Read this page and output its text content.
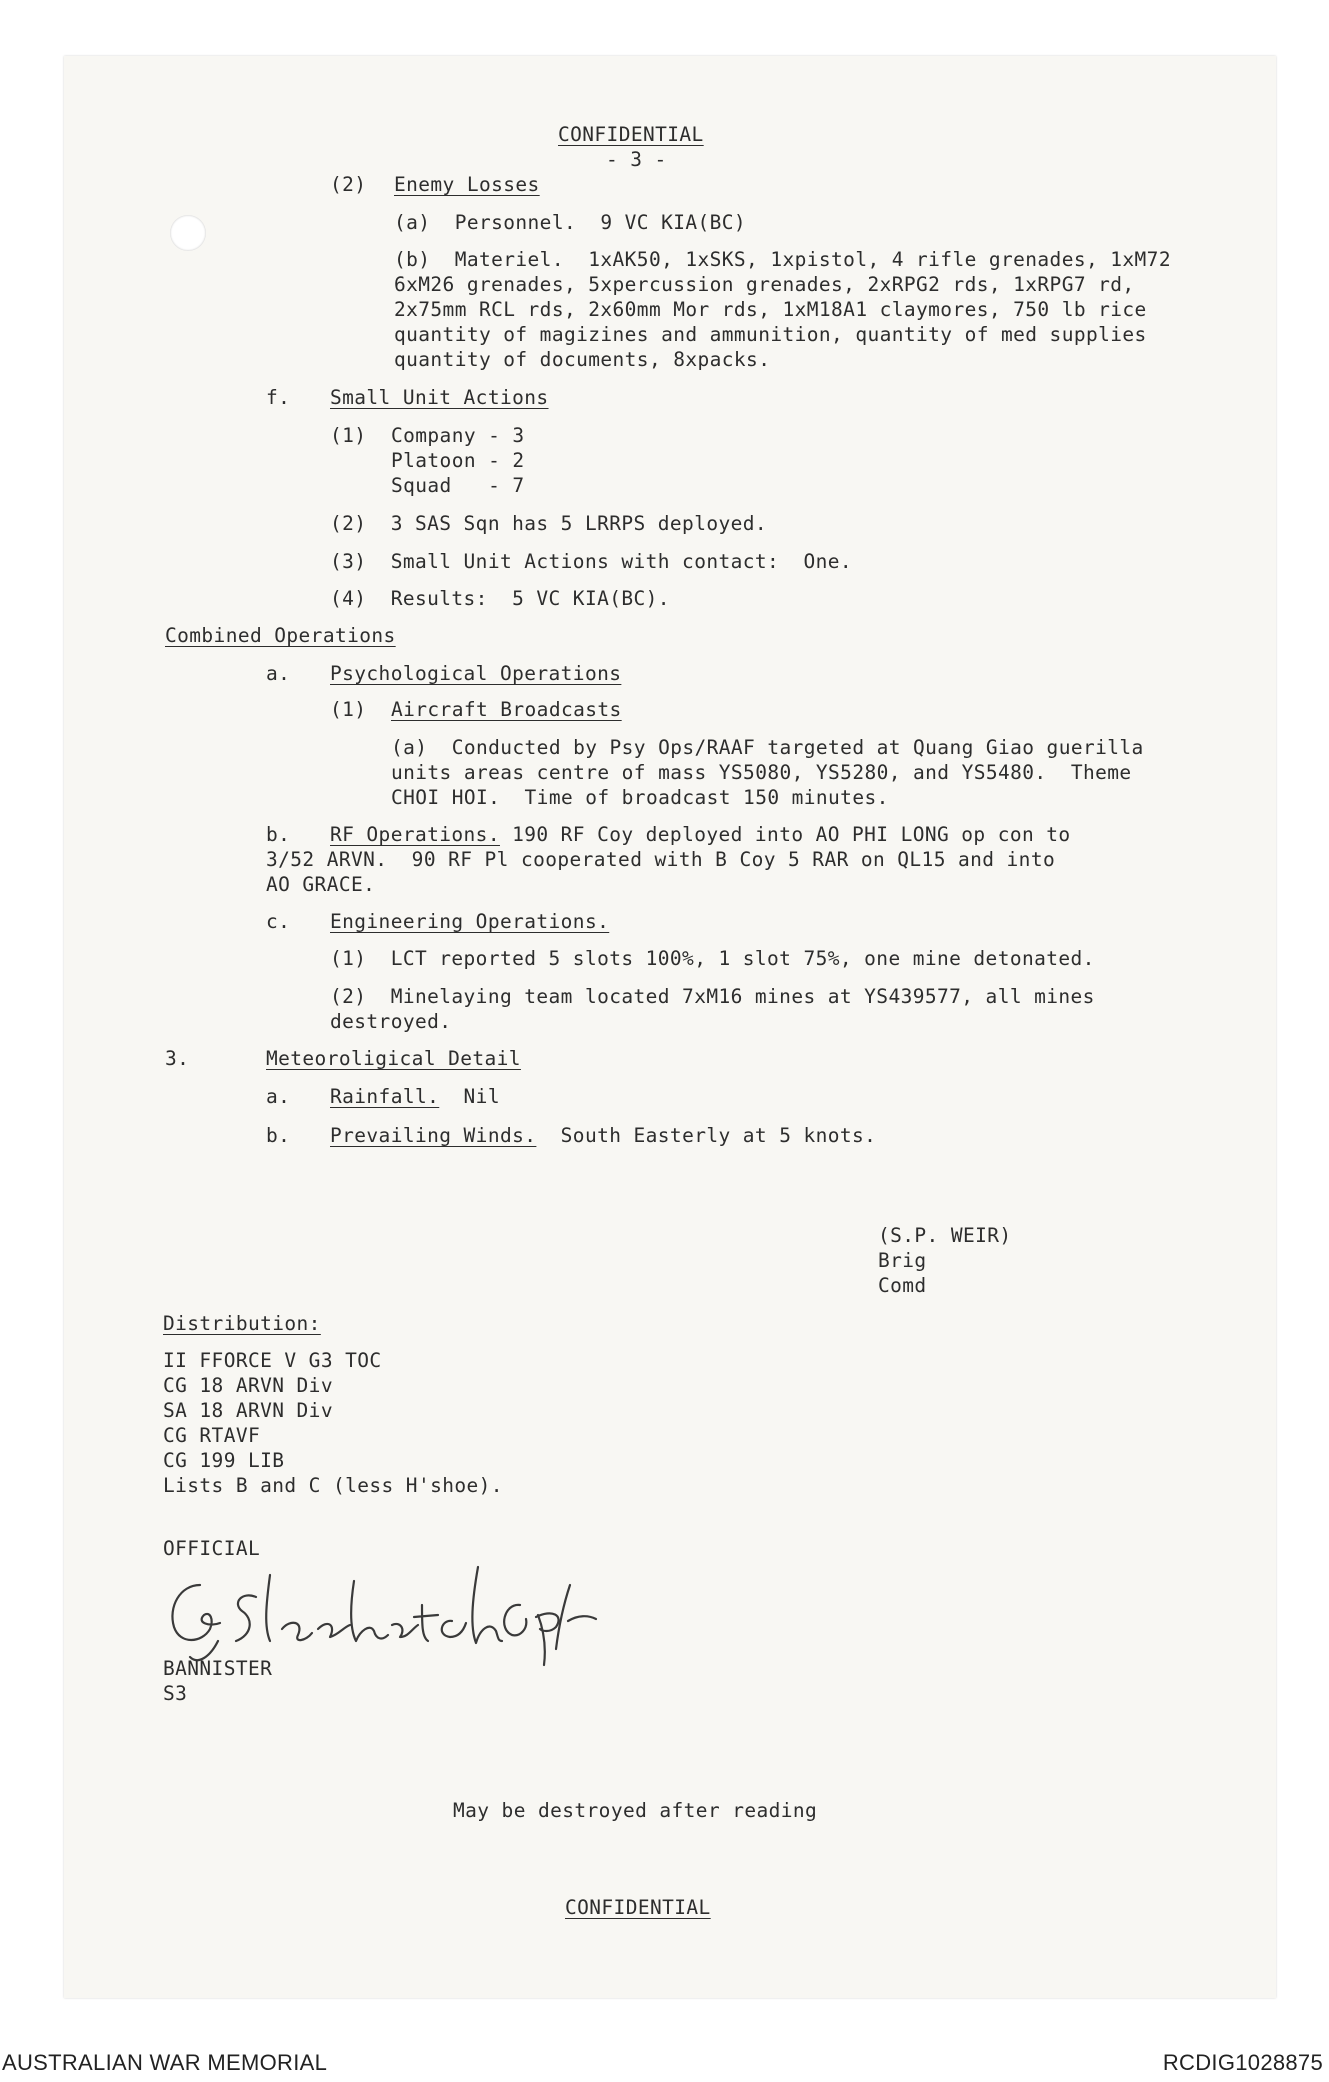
CONFIDENTIAL
- 3 -
(2) Enemy Losses
(a)  Personnel.  9 VC KIA(BC)
(b)  Materiel.  1xAK50, 1xSKS, 1xpistol, 4 rifle grenades, 1xM72
6xM26 grenades, 5xpercussion grenades, 2xRPG2 rds, 1xRPG7 rd,
2x75mm RCL rds, 2x60mm Mor rds, 1xM18A1 claymores, 750 lb rice
quantity of magizines and ammunition, quantity of med supplies
quantity of documents, 8xpacks.
f. Small Unit Actions
(1) Company - 3
Platoon - 2
Squad   - 7
(2)  3 SAS Sqn has 5 LRRPS deployed.
(3)  Small Unit Actions with contact:  One.
(4)  Results:  5 VC KIA(BC).
Combined Operations
a. Psychological Operations
(1) Aircraft Broadcasts
(a)  Conducted by Psy Ops/RAAF targeted at Quang Giao guerilla
units areas centre of mass YS5080, YS5280, and YS5480.  Theme
CHOI HOI.  Time of broadcast 150 minutes.
b. RF Operations. 190 RF Coy deployed into AO PHI LONG op con to
3/52 ARVN.  90 RF Pl cooperated with B Coy 5 RAR on QL15 and into
AO GRACE.
c. Engineering Operations.
(1)  LCT reported 5 slots 100%, 1 slot 75%, one mine detonated.
(2)  Minelaying team located 7xM16 mines at YS439577, all mines
destroyed.
3.	Meteoroligical Detail
a. Rainfall.  Nil
b. Prevailing Winds.  South Easterly at 5 knots.
(S.P. WEIR)
Brig
Comd
Distribution:
II FFORCE V G3 TOC
CG 18 ARVN Div
SA 18 ARVN Div
CG RTAVF
CG 199 LIB
Lists B and C (less H'shoe).
OFFICIAL
BANNISTER
S3
May be destroyed after reading
CONFIDENTIAL
AUSTRALIAN WAR MEMORIAL	RCDIG1028875
